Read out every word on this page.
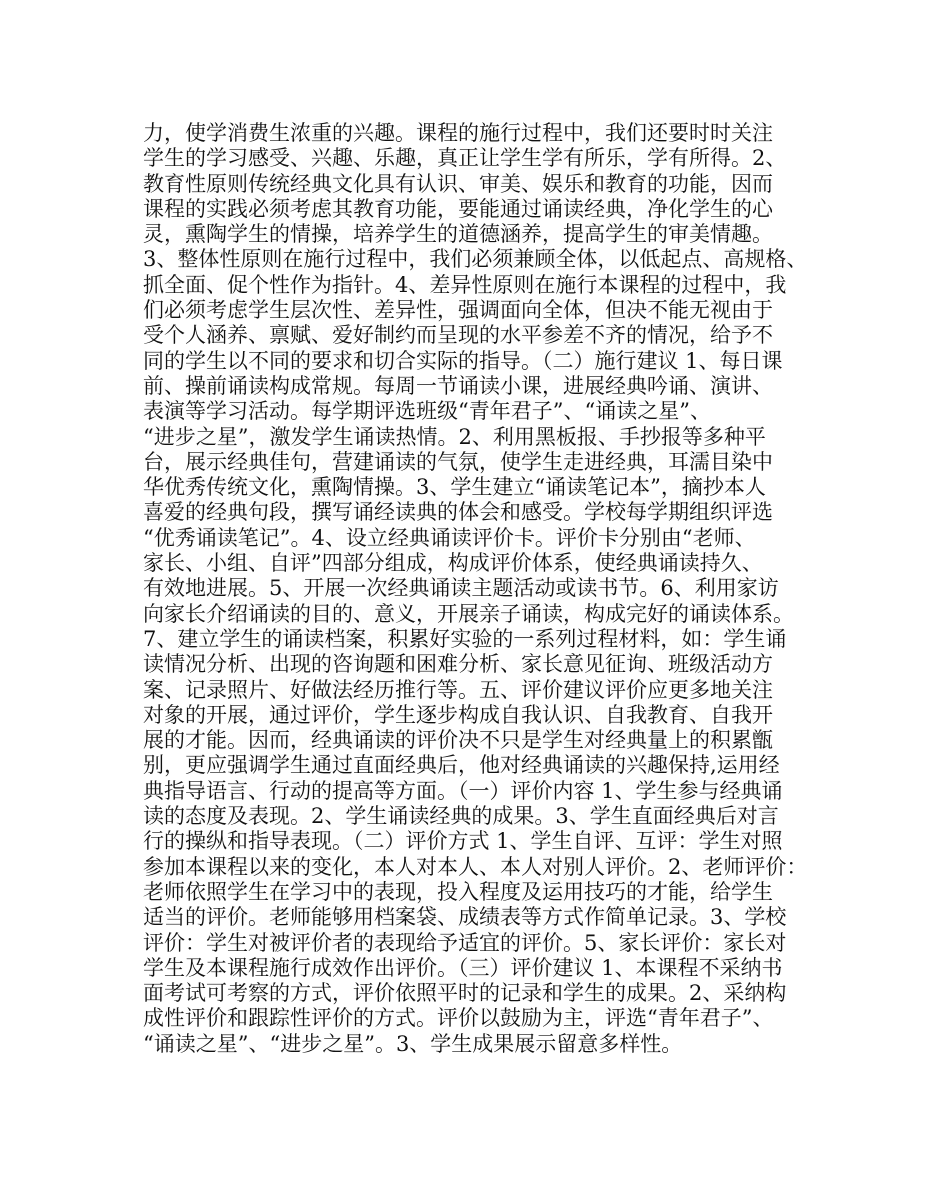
力，使学消费生浓重的兴趣。课程的施行过程中，我们还要时时关注
学生的学习感受、兴趣、乐趣，真正让学生学有所乐，学有所得。2、
教育性原则传统经典文化具有认识、审美、娱乐和教育的功能，因而
课程的实践必须考虑其教育功能，要能通过诵读经典，净化学生的心
灵，熏陶学生的情操，培养学生的道德涵养，提高学生的审美情趣。
3、整体性原则在施行过程中，我们必须兼顾全体，以低起点、高规格、
抓全面、促个性作为指针。4、差异性原则在施行本课程的过程中，我
们必须考虑学生层次性、差异性，强调面向全体，但决不能无视由于
受个人涵养、禀赋、爱好制约而呈现的水平参差不齐的情况，给予不
同的学生以不同的要求和切合实际的指导。（二）施行建议 1、每日课
前、操前诵读构成常规。每周一节诵读小课，进展经典吟诵、演讲、
表演等学习活动。每学期评选班级“青年君子”、“诵读之星”、
“进步之星”，激发学生诵读热情。2、利用黑板报、手抄报等多种平
台，展示经典佳句，营建诵读的气氛，使学生走进经典，耳濡目染中
华优秀传统文化，熏陶情操。3、学生建立“诵读笔记本”，摘抄本人
喜爱的经典句段，撰写诵经读典的体会和感受。学校每学期组织评选
“优秀诵读笔记”。4、设立经典诵读评价卡。评价卡分别由“老师、
家长、小组、自评”四部分组成，构成评价体系，使经典诵读持久、
有效地进展。5、开展一次经典诵读主题活动或读书节。6、利用家访
向家长介绍诵读的目的、意义，开展亲子诵读，构成完好的诵读体系。
7、建立学生的诵读档案，积累好实验的一系列过程材料，如：学生诵
读情况分析、出现的咨询题和困难分析、家长意见征询、班级活动方
案、记录照片、好做法经历推行等。五、评价建议评价应更多地关注
对象的开展，通过评价，学生逐步构成自我认识、自我教育、自我开
展的才能。因而，经典诵读的评价决不只是学生对经典量上的积累甑
别，更应强调学生通过直面经典后，他对经典诵读的兴趣保持,运用经
典指导语言、行动的提高等方面。（一）评价内容 1、学生参与经典诵
读的态度及表现。2、学生诵读经典的成果。3、学生直面经典后对言
行的操纵和指导表现。（二）评价方式 1、学生自评、互评：学生对照
参加本课程以来的变化，本人对本人、本人对别人评价。2、老师评价：
老师依照学生在学习中的表现，投入程度及运用技巧的才能，给学生
适当的评价。老师能够用档案袋、成绩表等方式作简单记录。3、学校
评价：学生对被评价者的表现给予适宜的评价。5、家长评价：家长对
学生及本课程施行成效作出评价。（三）评价建议 1、本课程不采纳书
面考试可考察的方式，评价依照平时的记录和学生的成果。2、采纳构
成性评价和跟踪性评价的方式。评价以鼓励为主，评选“青年君子”、
“诵读之星”、“进步之星”。3、学生成果展示留意多样性。
